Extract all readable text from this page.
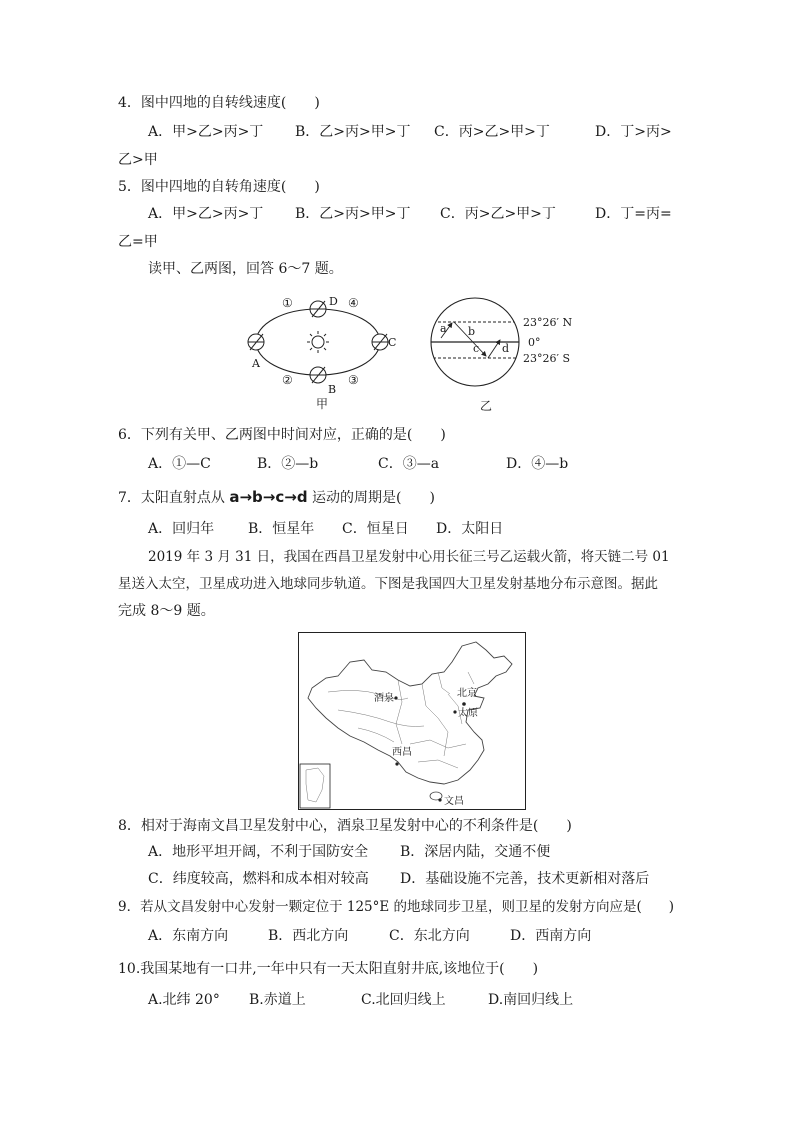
4．图中四地的自转线速度(　　)
A．甲>乙>丙>丁 B．乙>丙>甲>丁 C．丙>乙>甲>丁	D．丁>丙>
乙>甲
5．图中四地的自转角速度(　　)
A．甲>乙>丙>丁 B．乙>丙>甲>丁 C．丙>乙>甲>丁	D．丁=丙=
乙=甲
读甲、乙两图，回答 6～7 题。
①	④
②	③
A
B
C
D
甲
a b
c d
23°26′ N
0°
23°26′ S
乙
6．下列有关甲、乙两图中时间对应，正确的是(　　)
A．①—C	B．②—b	C．③—a	D．④—b
7．太阳直射点从 a→b→c→d 运动的周期是(　　)
A．回归年 B．恒星年 C．恒星日 D．太阳日
2019 年 3 月 31 日，我国在西昌卫星发射中心用长征三号乙运载火箭，将天链二号 01
星送入太空，卫星成功进入地球同步轨道。下图是我国四大卫星发射基地分布示意图。据此
完成 8～9 题。
酒泉	北京
太原
西昌
文昌
8．相对于海南文昌卫星发射中心，酒泉卫星发射中心的不利条件是(　　)
A．地形平坦开阔，不利于国防安全 B．深居内陆，交通不便
C．纬度较高，燃料和成本相对较高 D．基础设施不完善，技术更新相对落后
9．若从文昌发射中心发射一颗定位于 125°E 的地球同步卫星，则卫星的发射方向应是(　　)
A．东南方向	B．西北方向	C．东北方向	D．西南方向
10.我国某地有一口井,一年中只有一天太阳直射井底,该地位于(　　)
A.北纬 20° B.赤道上	C.北回归线上	D.南回归线上
